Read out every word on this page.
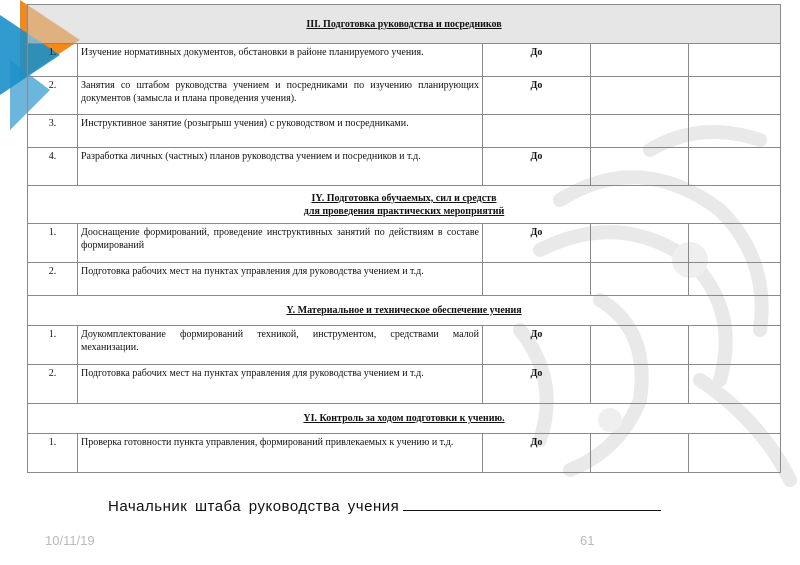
III. Подготовка руководства и посредников				
1.	Изучение нормативных документов, обстановки в районе планируемого учения.	До		
2.	Занятия со штабом руководства учением и посредниками по изучению планирующих документов (замысла и плана проведения учения).	До		
3.	Инструктивное занятие (розыгрыш учения) с руководством и посредниками.			
4.	Разработка личных (частных) планов руководства учением и посредников и т.д.	До		

IY. Подготовка обучаемых, сил и средств
для проведения практических мероприятий				

1.	Дооснащение формирований, проведение инструктивных занятий по действиям в составе формирований	До		
2.	Подготовка рабочих мест на пунктах управления для руководства учением и т.д.			
Y. Материальное и техническое обеспечение учения				
1.	Доукомплектование формирований техникой, инструментом, средствами малой механизации.	До		
2.	Подготовка рабочих мест на пунктах управления для руководства учением и т.д.	До		
YI. Контроль за ходом подготовки к учению.				
1.	Проверка готовности пункта управления, формирований привлекаемых к учению и т.д.	До		
Начальник штаба руководства учения
10/11/19	61
